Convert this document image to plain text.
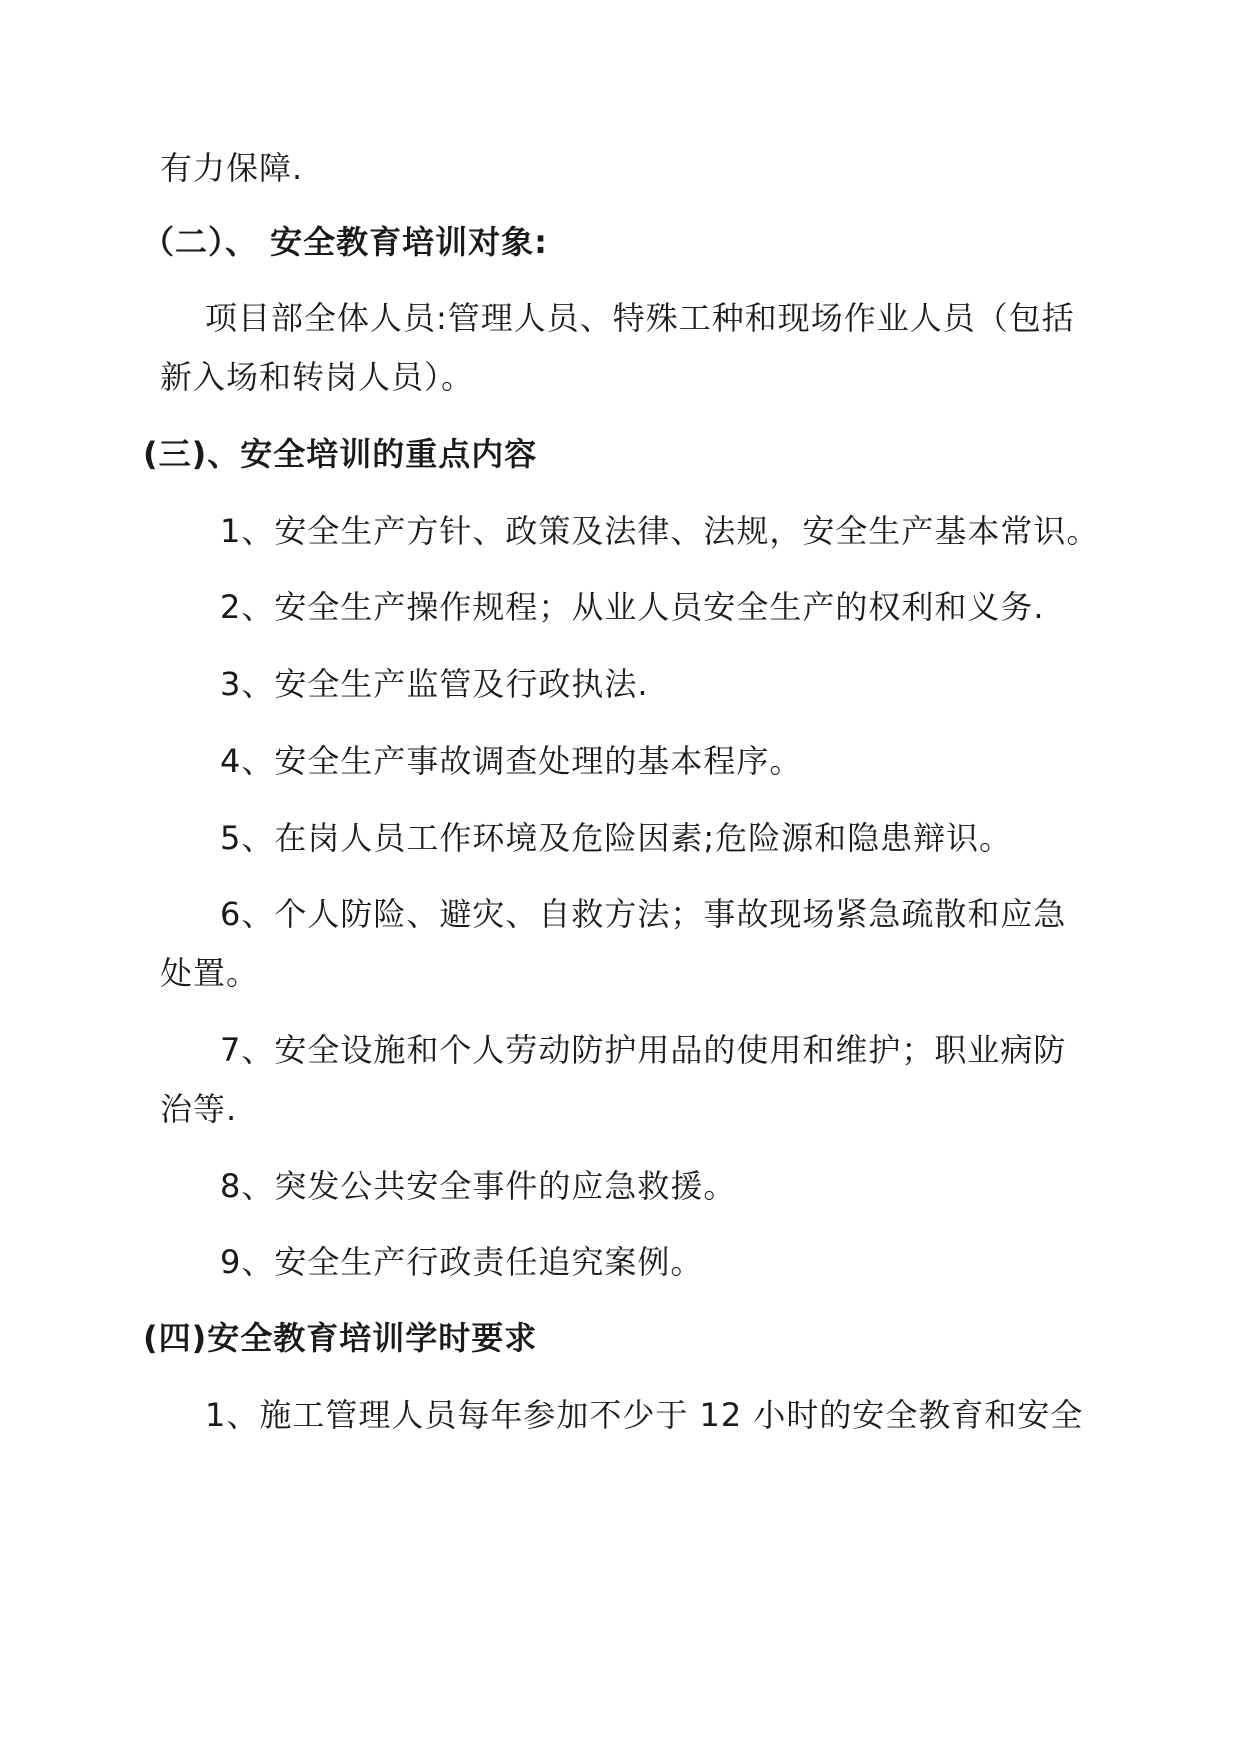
有力保障.
（二）、 安全教育培训对象:
项目部全体人员:管理人员、特殊工种和现场作业人员（包括
新入场和转岗人员）。
(三)、安全培训的重点内容
1、安全生产方针、政策及法律、法规，安全生产基本常识。
2、安全生产操作规程；从业人员安全生产的权利和义务.
3、安全生产监管及行政执法.
4、安全生产事故调查处理的基本程序。
5、在岗人员工作环境及危险因素;危险源和隐患辩识。
6、个人防险、避灾、自救方法；事故现场紧急疏散和应急
处置。
7、安全设施和个人劳动防护用品的使用和维护；职业病防
治等.
8、突发公共安全事件的应急救援。
9、安全生产行政责任追究案例。
(四)安全教育培训学时要求
1、施工管理人员每年参加不少于 12 小时的安全教育和安全
